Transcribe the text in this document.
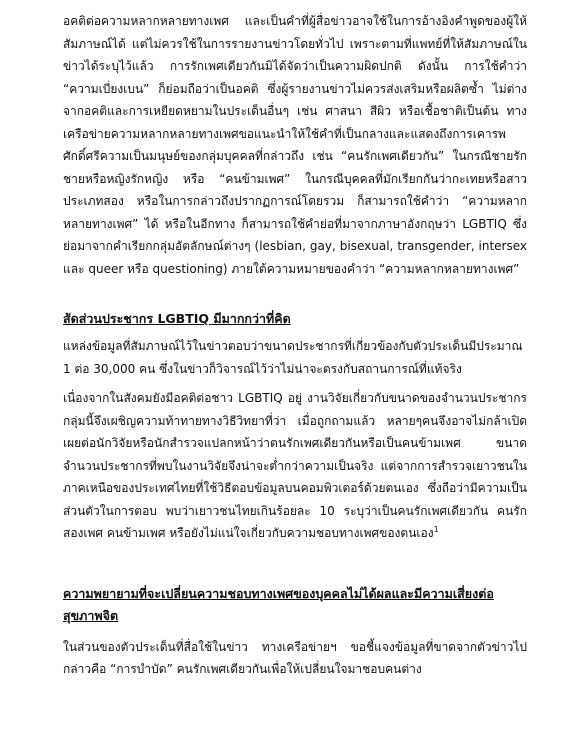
อคติต่อความหลากหลายทางเพศ และเป็นคำที่ผู้สื่อข่าวอาจใช้ในการอ้างอิงคำพูดของผู้ให้สัมภาษณ์ได้ แต่ไม่ควรใช้ในการรายงานข่าวโดยทั่วไป เพราะตามที่แพทย์ที่ให้สัมภาษณ์ในข่าวได้ระบุไว้แล้ว การรักเพศเดียวกันมิได้จัดว่าเป็นความผิดปกติ ดังนั้น การใช้คำว่า “ความเบี่ยงเบน” ก็ย่อมถือว่าเป็นอคติ ซึ่งผู้รายงานข่าวไม่ควรส่งเสริมหรือผลิตซ้ำ ไม่ต่างจากอคติและการเหยียดหยามในประเด็นอื่นๆ เช่น ศาสนา สีผิว หรือเชื้อชาติเป็นต้น ทางเครือข่ายความหลากหลายทางเพศขอแนะนำให้ใช้คำที่เป็นกลางและแสดงถึงการเคารพศักดิ์ศรีความเป็นมนุษย์ของกลุ่มบุคคลที่กล่าวถึง เช่น “คนรักเพศเดียวกัน” ในกรณีชายรักชายหรือหญิงรักหญิง หรือ “คนข้ามเพศ” ในกรณีบุคคลที่มักเรียกกันว่ากะเทยหรือสาวประเภทสอง หรือในการกล่าวถึงปรากฏการณ์โดยรวม ก็สามารถใช้คำว่า “ความหลากหลายทางเพศ” ได้ หรือในอีกทาง ก็สามารถใช้คำย่อที่มาจากภาษาอังกฤษว่า LGBTIQ ซึ่งย่อมาจากคำเรียกกลุ่มอัตลักษณ์ต่างๆ (lesbian, gay, bisexual, transgender, intersex และ queer หรือ questioning) ภายใต้ความหมายของคำว่า “ความหลากหลายทางเพศ”

สัดส่วนประชากร LGBTIQ มีมากกว่าที่คิด

แหล่งข้อมูลที่สัมภาษณ์ไว้ในข่าวตอบว่าขนาดประชากรที่เกี่ยวข้องกับตัวประเด็นมีประมาณ 1 ต่อ 30,000 คน ซึ่งในข่าวก็วิจารณ์ไว้ว่าไม่น่าจะตรงกับสถานการณ์ที่แท้จริง

เนื่องจากในสังคมยังมีอคติต่อชาว LGBTIQ อยู่ งานวิจัยเกี่ยวกับขนาดของจำนวนประชากรกลุ่มนี้จึงเผชิญความท้าทายทางวิธีวิทยาที่ว่า เมื่อถูกถามแล้ว หลายๆคนจึงอาจไม่กล้าเปิดเผยต่อนักวิจัยหรือนักสำรวจแปลกหน้าว่าตนรักเพศเดียวกันหรือเป็นคนข้ามเพศ ขนาดจำนวนประชากรที่พบในงานวิจัยจึงน่าจะต่ำกว่าความเป็นจริง แต่จากการสำรวจเยาวชนในภาคเหนือของประเทศไทยที่ใช้วิธีตอบข้อมูลบนคอมพิวเตอร์ด้วยตนเอง ซึ่งถือว่ามีความเป็นส่วนตัวในการตอบ พบว่าเยาวชนไทยเกินร้อยละ 10 ระบุว่าเป็นคนรักเพศเดียวกัน คนรักสองเพศ คนข้ามเพศ หรือยังไม่แน่ใจเกี่ยวกับความชอบทางเพศของตนเอง$^1$

ความพยายามที่จะเปลี่ยนความชอบทางเพศของบุคคลไม่ได้ผลและมีความเสี่ยงต่อสุขภาพจิต

ในส่วนของตัวประเด็นที่สื่อใช้ในข่าว ทางเครือข่ายฯ ขอชี้แจงข้อมูลที่ขาดจากตัวข่าวไป กล่าวคือ “การบำบัด” คนรักเพศเดียวกันเพื่อให้เปลี่ยนใจมาชอบคนต่าง
